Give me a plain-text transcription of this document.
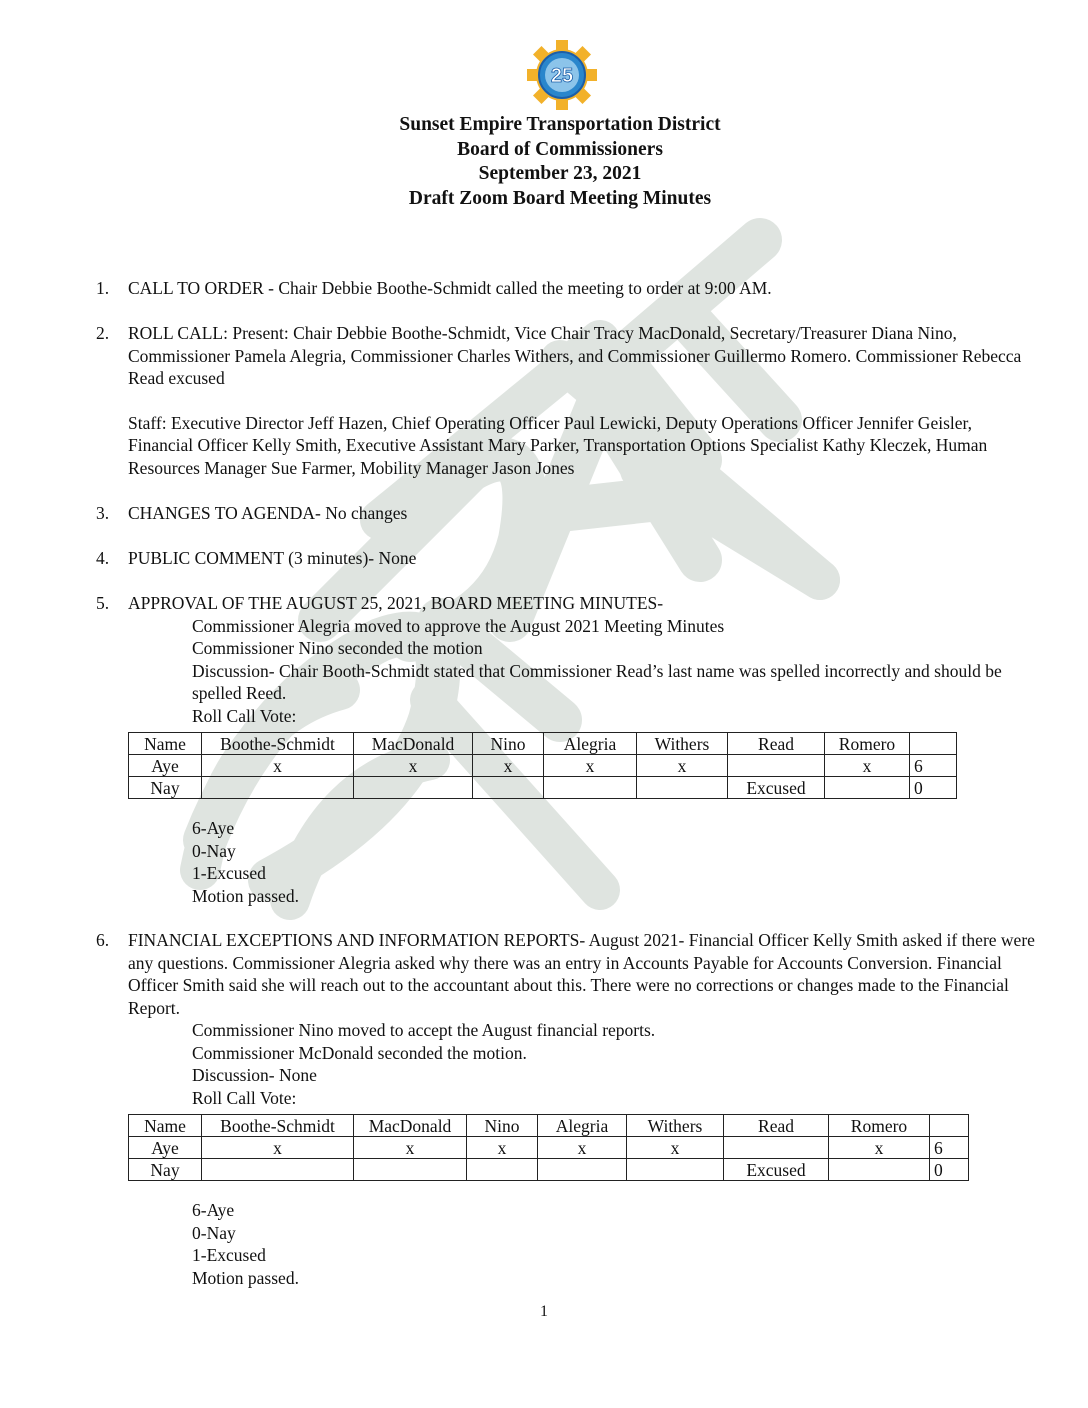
25
Sunset Empire Transportation District
Board of Commissioners
September 23, 2021
Draft Zoom Board Meeting Minutes
1.	CALL TO ORDER - Chair Debbie Boothe-Schmidt called the meeting to order at 9:00 AM.
2.	ROLL CALL: Present: Chair Debbie Boothe-Schmidt, Vice Chair Tracy MacDonald, Secretary/Treasurer Diana Nino, Commissioner Pamela Alegria, Commissioner Charles Withers, and Commissioner Guillermo Romero. Commissioner Rebecca Read excused
Staff: Executive Director Jeff Hazen, Chief Operating Officer Paul Lewicki, Deputy Operations Officer Jennifer Geisler, Financial Officer Kelly Smith, Executive Assistant Mary Parker, Transportation Options Specialist Kathy Kleczek, Human Resources Manager Sue Farmer, Mobility Manager Jason Jones
3.	CHANGES TO AGENDA- No changes
4.	PUBLIC COMMENT (3 minutes)- None
5.	APPROVAL OF THE AUGUST 25, 2021, BOARD MEETING MINUTES-
Commissioner Alegria moved to approve the August 2021 Meeting Minutes
Commissioner Nino seconded the motion
Discussion- Chair Booth-Schmidt stated that Commissioner Read’s last name was spelled incorrectly and should be spelled Reed.
Roll Call Vote:
Name	Boothe-Schmidt	MacDonald	Nino	Alegria	Withers	Read	Romero	
Aye	x	x	x	x	x		x	6
Nay						Excused		0
6-Aye
0-Nay
1-Excused
Motion passed.
6.	FINANCIAL EXCEPTIONS AND INFORMATION REPORTS- August 2021- Financial Officer Kelly Smith asked if there were any questions. Commissioner Alegria asked why there was an entry in Accounts Payable for Accounts Conversion. Financial Officer Smith said she will reach out to the accountant about this. There were no corrections or changes made to the Financial Report.
Commissioner Nino moved to accept the August financial reports.
Commissioner McDonald seconded the motion.
Discussion- None
Roll Call Vote:
Name	Boothe-Schmidt	MacDonald	Nino	Alegria	Withers	Read	Romero	
Aye	x	x	x	x	x		x	6
Nay						Excused		0
6-Aye
0-Nay
1-Excused
Motion passed.
1
